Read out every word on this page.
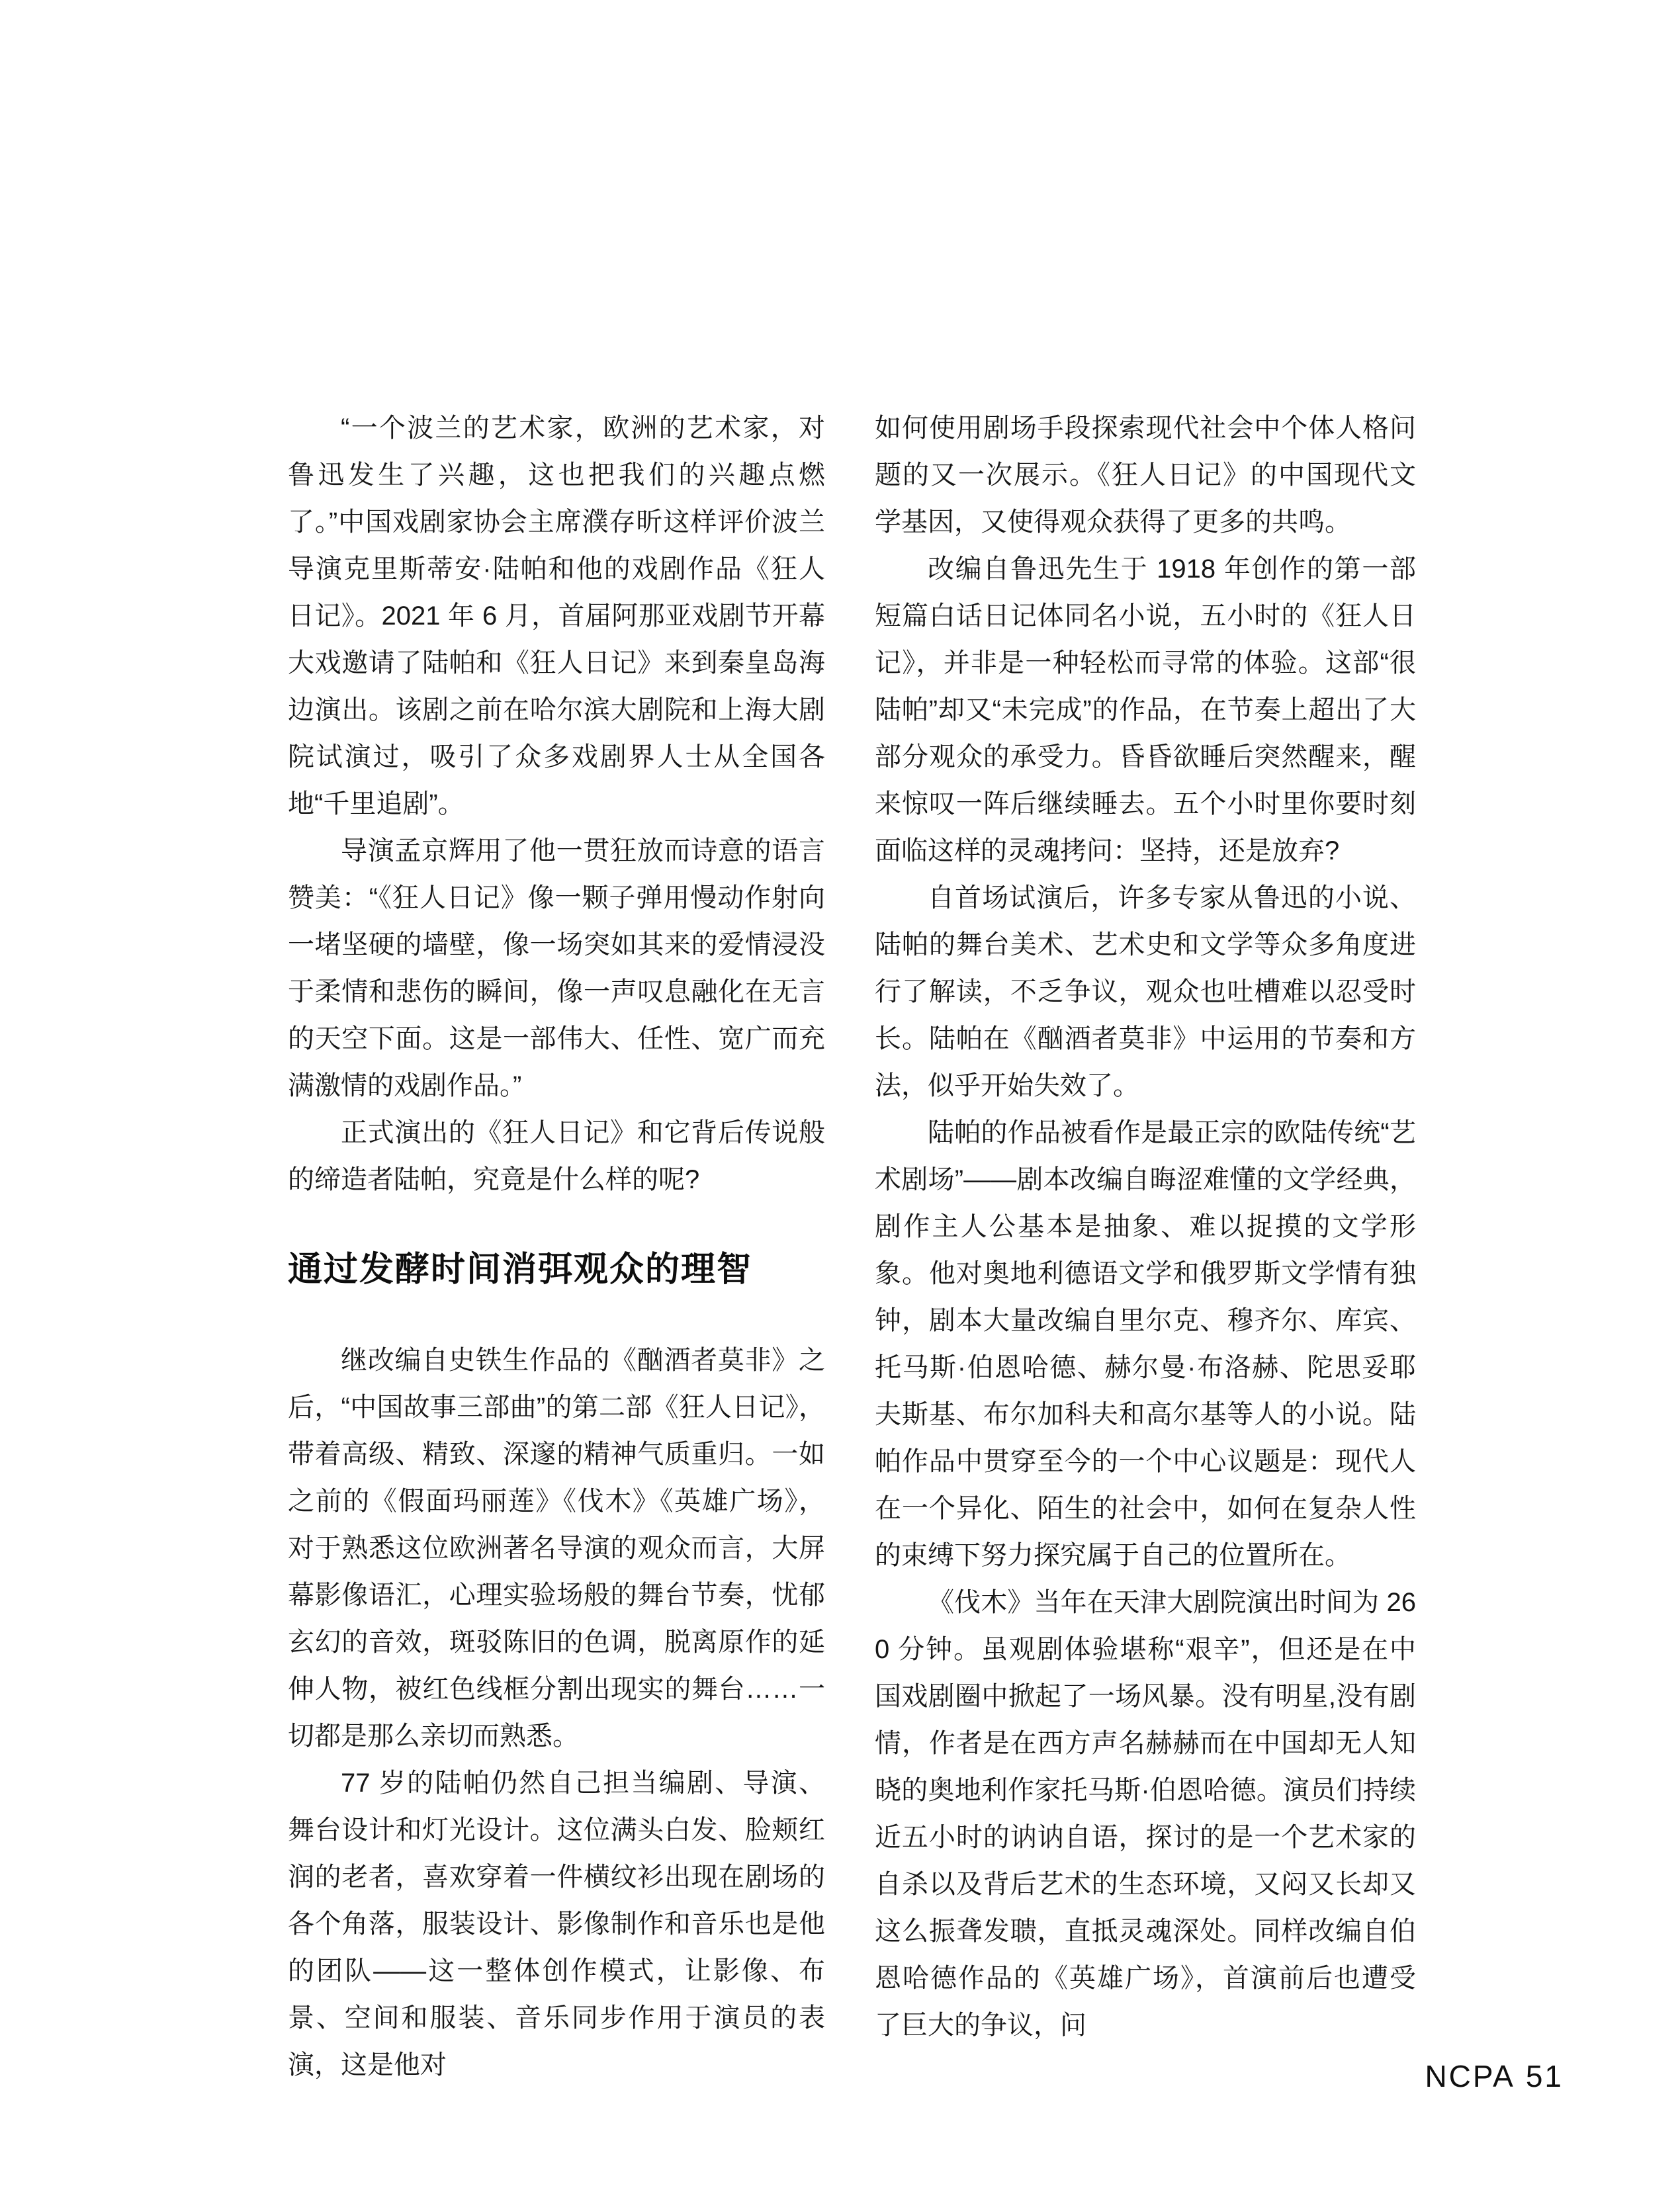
“一个波兰的艺术家，欧洲的艺术家，对鲁迅发生了兴趣，这也把我们的兴趣点燃了。”中国戏剧家协会主席濮存昕这样评价波兰导演克里斯蒂安·陆帕和他的戏剧作品《狂人日记》。2021 年 6 月，首届阿那亚戏剧节开幕大戏邀请了陆帕和《狂人日记》来到秦皇岛海边演出。该剧之前在哈尔滨大剧院和上海大剧院试演过，吸引了众多戏剧界人士从全国各地“千里追剧”。

导演孟京辉用了他一贯狂放而诗意的语言赞美：“《狂人日记》像一颗子弹用慢动作射向一堵坚硬的墙壁，像一场突如其来的爱情浸没于柔情和悲伤的瞬间，像一声叹息融化在无言的天空下面。这是一部伟大、任性、宽广而充满激情的戏剧作品。”

正式演出的《狂人日记》和它背后传说般的缔造者陆帕，究竟是什么样的呢?

通过发酵时间消弭观众的理智

继改编自史铁生作品的《酗酒者莫非》之后，“中国故事三部曲”的第二部《狂人日记》，带着高级、精致、深邃的精神气质重归。一如之前的《假面玛丽莲》《伐木》《英雄广场》，对于熟悉这位欧洲著名导演的观众而言，大屏幕影像语汇，心理实验场般的舞台节奏，忧郁玄幻的音效，斑驳陈旧的色调，脱离原作的延伸人物，被红色线框分割出现实的舞台……一切都是那么亲切而熟悉。

77 岁的陆帕仍然自己担当编剧、导演、舞台设计和灯光设计。这位满头白发、脸颊红润的老者，喜欢穿着一件横纹衫出现在剧场的各个角落，服装设计、影像制作和音乐也是他的团队——这一整体创作模式，让影像、布景、空间和服装、音乐同步作用于演员的表演，这是他对

如何使用剧场手段探索现代社会中个体人格问题的又一次展示。《狂人日记》的中国现代文学基因，又使得观众获得了更多的共鸣。

改编自鲁迅先生于 1918 年创作的第一部短篇白话日记体同名小说，五小时的《狂人日记》，并非是一种轻松而寻常的体验。这部“很陆帕”却又“未完成”的作品，在节奏上超出了大部分观众的承受力。昏昏欲睡后突然醒来，醒来惊叹一阵后继续睡去。五个小时里你要时刻面临这样的灵魂拷问：坚持，还是放弃?

自首场试演后，许多专家从鲁迅的小说、陆帕的舞台美术、艺术史和文学等众多角度进行了解读，不乏争议，观众也吐槽难以忍受时长。陆帕在《酗酒者莫非》中运用的节奏和方法，似乎开始失效了。

陆帕的作品被看作是最正宗的欧陆传统“艺术剧场”——剧本改编自晦涩难懂的文学经典，剧作主人公基本是抽象、难以捉摸的文学形象。他对奥地利德语文学和俄罗斯文学情有独钟，剧本大量改编自里尔克、穆齐尔、库宾、托马斯·伯恩哈德、赫尔曼·布洛赫、陀思妥耶夫斯基、布尔加科夫和高尔基等人的小说。陆帕作品中贯穿至今的一个中心议题是：现代人在一个异化、陌生的社会中，如何在复杂人性的束缚下努力探究属于自己的位置所在。

《伐木》当年在天津大剧院演出时间为 260 分钟。虽观剧体验堪称“艰辛”，但还是在中国戏剧圈中掀起了一场风暴。没有明星,没有剧情，作者是在西方声名赫赫而在中国却无人知晓的奥地利作家托马斯·伯恩哈德。演员们持续近五小时的讷讷自语，探讨的是一个艺术家的自杀以及背后艺术的生态环境，又闷又长却又这么振聋发聩，直抵灵魂深处。同样改编自伯恩哈德作品的《英雄广场》，首演前后也遭受了巨大的争议，问

NCPA 51
